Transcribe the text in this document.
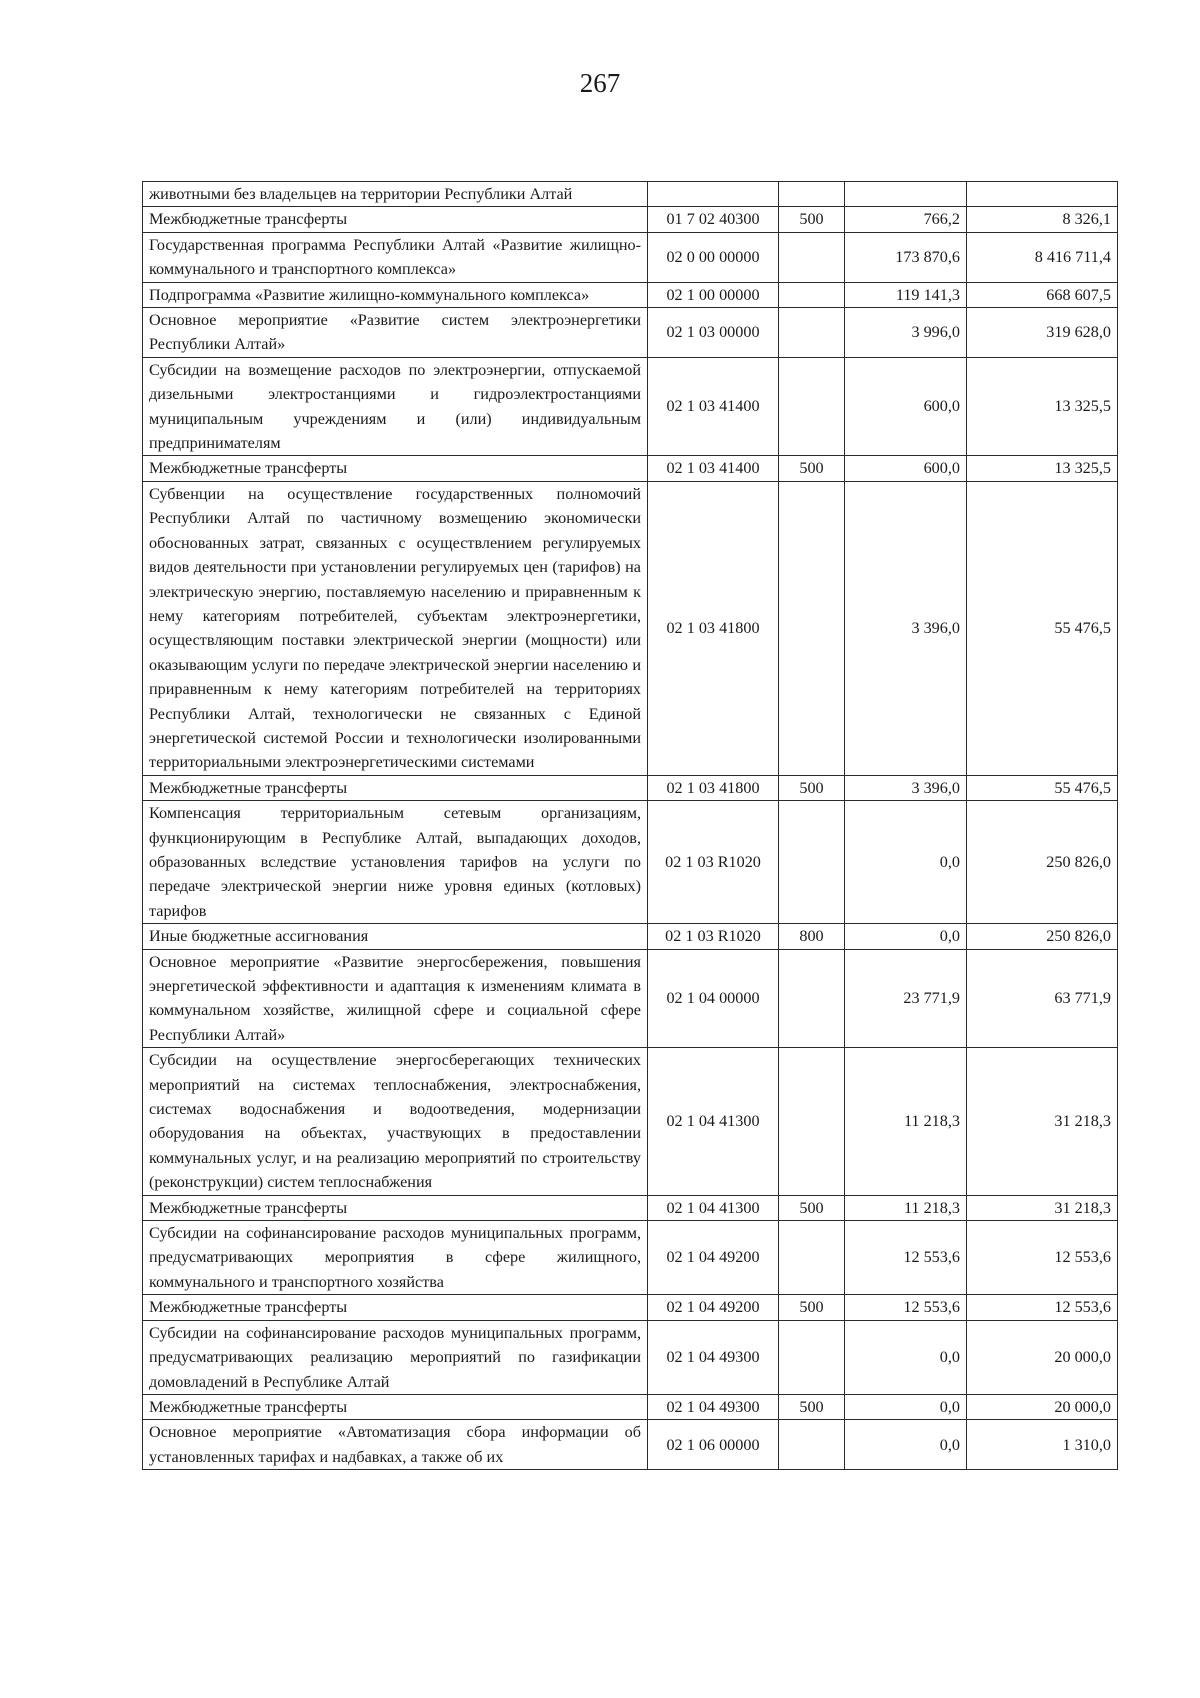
267
животными без владельцев на территории Республики Алтай				
Межбюджетные трансферты	01 7 02 40300	500	766,2	8 326,1
Государственная программа Республики Алтай «Развитие жилищно-коммунального и транспортного комплекса»	02 0 00 00000		173 870,6	8 416 711,4
Подпрограмма «Развитие жилищно-коммунального комплекса»	02 1 00 00000		119 141,3	668 607,5
Основное мероприятие «Развитие систем электроэнергетики Республики Алтай»	02 1 03 00000		3 996,0	319 628,0
Субсидии на возмещение расходов по электроэнергии, отпускаемой дизельными электростанциями и гидроэлектростанциями муниципальным учреждениям и (или) индивидуальным предпринимателям	02 1 03 41400		600,0	13 325,5
Межбюджетные трансферты	02 1 03 41400	500	600,0	13 325,5
Субвенции на осуществление государственных полномочий Республики Алтай по частичному возмещению экономически обоснованных затрат, связанных с осуществлением регулируемых видов деятельности при установлении регулируемых цен (тарифов) на электрическую энергию, поставляемую населению и приравненным к нему категориям потребителей, субъектам электроэнергетики, осуществляющим поставки электрической энергии (мощности) или оказывающим услуги по передаче электрической энергии населению и приравненным к нему категориям потребителей на территориях Республики Алтай, технологически не связанных с Единой энергетической системой России и технологически изолированными территориальными электроэнергетическими системами	02 1 03 41800		3 396,0	55 476,5
Межбюджетные трансферты	02 1 03 41800	500	3 396,0	55 476,5
Компенсация территориальным сетевым организациям, функционирующим в Республике Алтай, выпадающих доходов, образованных вследствие установления тарифов на услуги по передаче электрической энергии ниже уровня единых (котловых) тарифов	02 1 03 R1020		0,0	250 826,0
Иные бюджетные ассигнования	02 1 03 R1020	800	0,0	250 826,0
Основное мероприятие «Развитие энергосбережения, повышения энергетической эффективности и адаптация к изменениям климата в коммунальном хозяйстве, жилищной сфере и социальной сфере Республики Алтай»	02 1 04 00000		23 771,9	63 771,9
Субсидии на осуществление энергосберегающих технических мероприятий на системах теплоснабжения, электроснабжения, системах водоснабжения и водоотведения, модернизации оборудования на объектах, участвующих в предоставлении коммунальных услуг, и на реализацию мероприятий по строительству (реконструкции) систем теплоснабжения	02 1 04 41300		11 218,3	31 218,3
Межбюджетные трансферты	02 1 04 41300	500	11 218,3	31 218,3
Субсидии на софинансирование расходов муниципальных программ, предусматривающих мероприятия в сфере жилищного, коммунального и транспортного хозяйства	02 1 04 49200		12 553,6	12 553,6
Межбюджетные трансферты	02 1 04 49200	500	12 553,6	12 553,6
Субсидии на софинансирование расходов муниципальных программ, предусматривающих реализацию мероприятий по газификации домовладений в Республике Алтай	02 1 04 49300		0,0	20 000,0
Межбюджетные трансферты	02 1 04 49300	500	0,0	20 000,0
Основное мероприятие «Автоматизация сбора информации об установленных тарифах и надбавках, а также об их	02 1 06 00000		0,0	1 310,0
